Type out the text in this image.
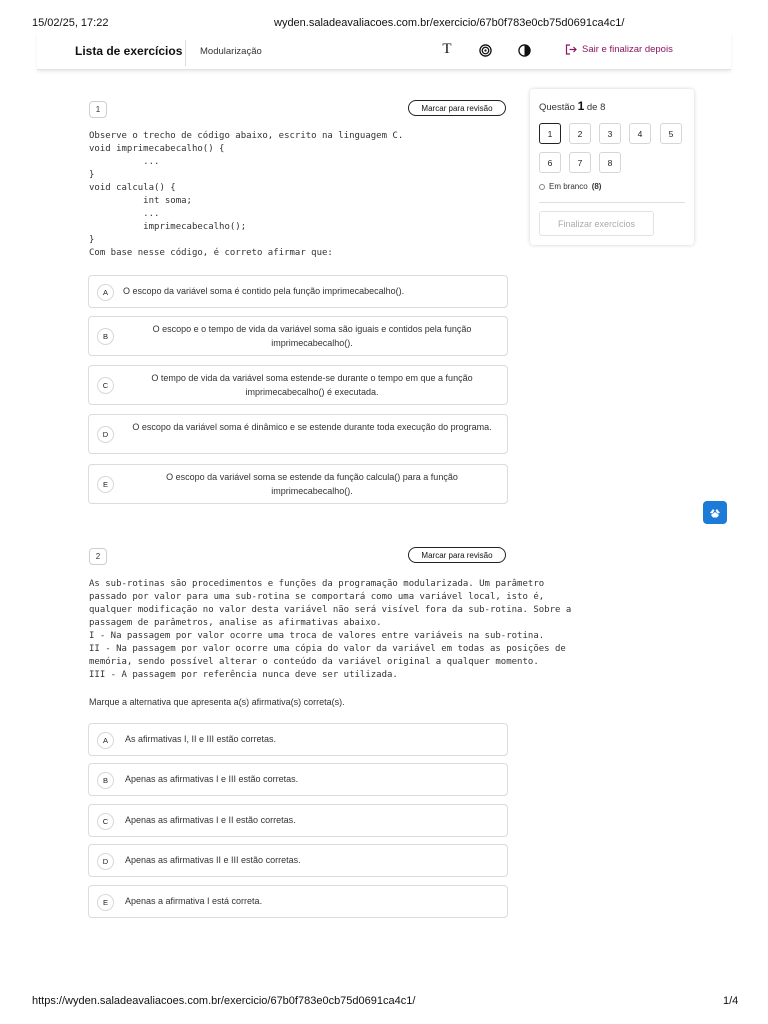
15/02/25, 17:22	wyden.saladeavaliacoes.com.br/exercicio/67b0f783e0cb75d0691ca4c1/
https://wyden.saladeavaliacoes.com.br/exercicio/67b0f783e0cb75d0691ca4c1/	1/4
Lista de exercícios Modularização	T	Sair e finalizar depois
1	Marcar para revisão
Observe o trecho de código abaixo, escrito na linguagem C.
void imprimecabecalho() {
...
}
void calcula() {
int soma;
...
imprimecabecalho();
}
Com base nesse código, é correto afirmar que:
A	O escopo da variável soma é contido pela função imprimecabecalho().
B
O escopo e o tempo de vida da variável soma são iguais e contidos pela função imprimecabecalho().
C
O tempo de vida da variável soma estende-se durante o tempo em que a função imprimecabecalho() é executada.
D
O escopo da variável soma é dinâmico e se estende durante toda execução do programa.
E
O escopo da variável soma se estende da função calcula() para a função imprimecabecalho().
2	Marcar para revisão
As sub-rotinas são procedimentos e funções da programação modularizada. Um parâmetro
passado por valor para uma sub-rotina se comportará como uma variável local, isto é,
qualquer modificação no valor desta variável não será visível fora da sub-rotina. Sobre a
passagem de parâmetros, analise as afirmativas abaixo.
I - Na passagem por valor ocorre uma troca de valores entre variáveis na sub-rotina.
II - Na passagem por valor ocorre uma cópia do valor da variável em todas as posições de
memória, sendo possível alterar o conteúdo da variável original a qualquer momento.
III - A passagem por referência nunca deve ser utilizada.

Marque a alternativa que apresenta a(s) afirmativa(s) correta(s).

A	As afirmativas I, II e III estão corretas.
B	Apenas as afirmativas I e III estão corretas.
C	Apenas as afirmativas I e II estão corretas.
D	Apenas as afirmativas II e III estão corretas.
E	Apenas a afirmativa I está correta.
Questão 1 de 8
1	2	3	4	5
6	7	8
Em branco (8)
Finalizar exercícios
